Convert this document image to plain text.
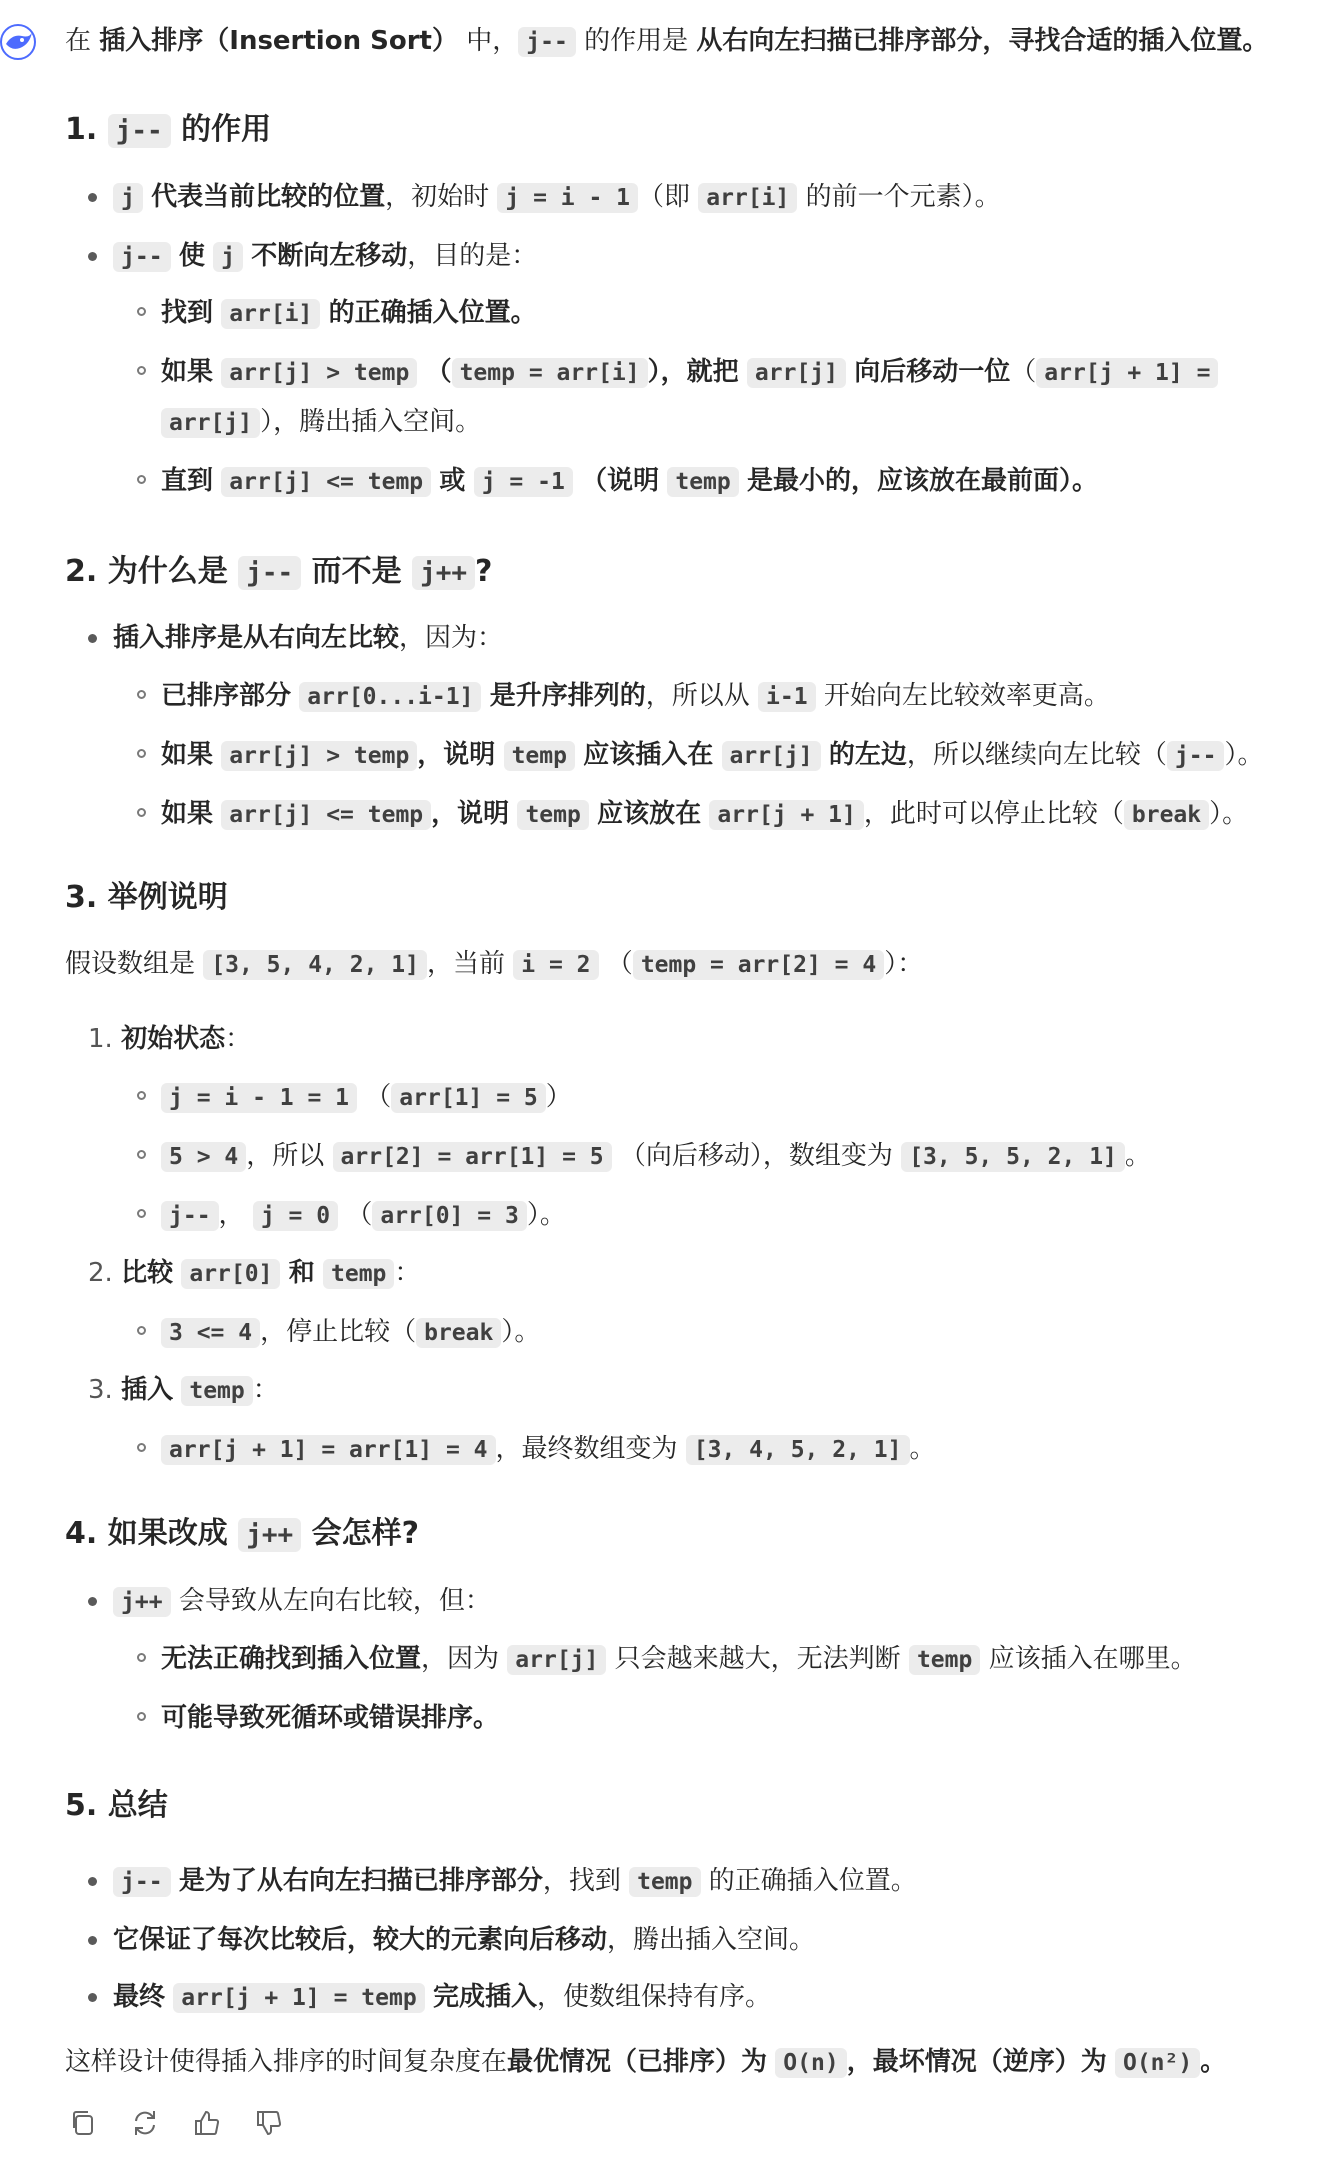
在 插入排序（Insertion Sort） 中， j-- 的作用是 从右向左扫描已排序部分，寻找合适的插入位置。
1. j-- 的作用
j 代表当前比较的位置，初始时 j = i - 1 （即 arr[i] 的前一个元素）。
j-- 使 j 不断向左移动，目的是：
找到 arr[i] 的正确插入位置。
如果 arr[j] > temp （ temp = arr[i] ），就把 arr[j] 向后移动一位（ arr[j + 1] =
arr[j] ），腾出插入空间。
直到 arr[j] <= temp 或 j = -1 （说明 temp 是最小的，应该放在最前面）。
2. 为什么是 j-- 而不是 j++ ?
插入排序是从右向左比较，因为：
已排序部分 arr[0...i-1] 是升序排列的，所以从 i-1 开始向左比较效率更高。
如果 arr[j] > temp ，说明 temp 应该插入在 arr[j] 的左边，所以继续向左比较（ j-- ）。
如果 arr[j] <= temp ，说明 temp 应该放在 arr[j + 1] ，此时可以停止比较（ break ）。
3. 举例说明
假设数组是 [3, 5, 4, 2, 1] ，当前 i = 2 （ temp = arr[2] = 4 ）：
1. 初始状态：
j = i - 1 = 1 （ arr[1] = 5 ）
5 > 4 ，所以 arr[2] = arr[1] = 5 （向后移动），数组变为 [3, 5, 5, 2, 1] 。
j-- ， j = 0 （ arr[0] = 3 ）。
2. 比较 arr[0] 和 temp ：
3 <= 4 ，停止比较（ break ）。
3. 插入 temp ：
arr[j + 1] = arr[1] = 4 ，最终数组变为 [3, 4, 5, 2, 1] 。
4. 如果改成 j++ 会怎样?
j++ 会导致从左向右比较，但：
无法正确找到插入位置，因为 arr[j] 只会越来越大，无法判断 temp 应该插入在哪里。
可能导致死循环或错误排序。
5. 总结
j-- 是为了从右向左扫描已排序部分，找到 temp 的正确插入位置。
它保证了每次比较后，较大的元素向后移动，腾出插入空间。
最终 arr[j + 1] = temp 完成插入，使数组保持有序。
这样设计使得插入排序的时间复杂度在最优情况（已排序）为 O(n) ，最坏情况（逆序）为 O(n²) 。
